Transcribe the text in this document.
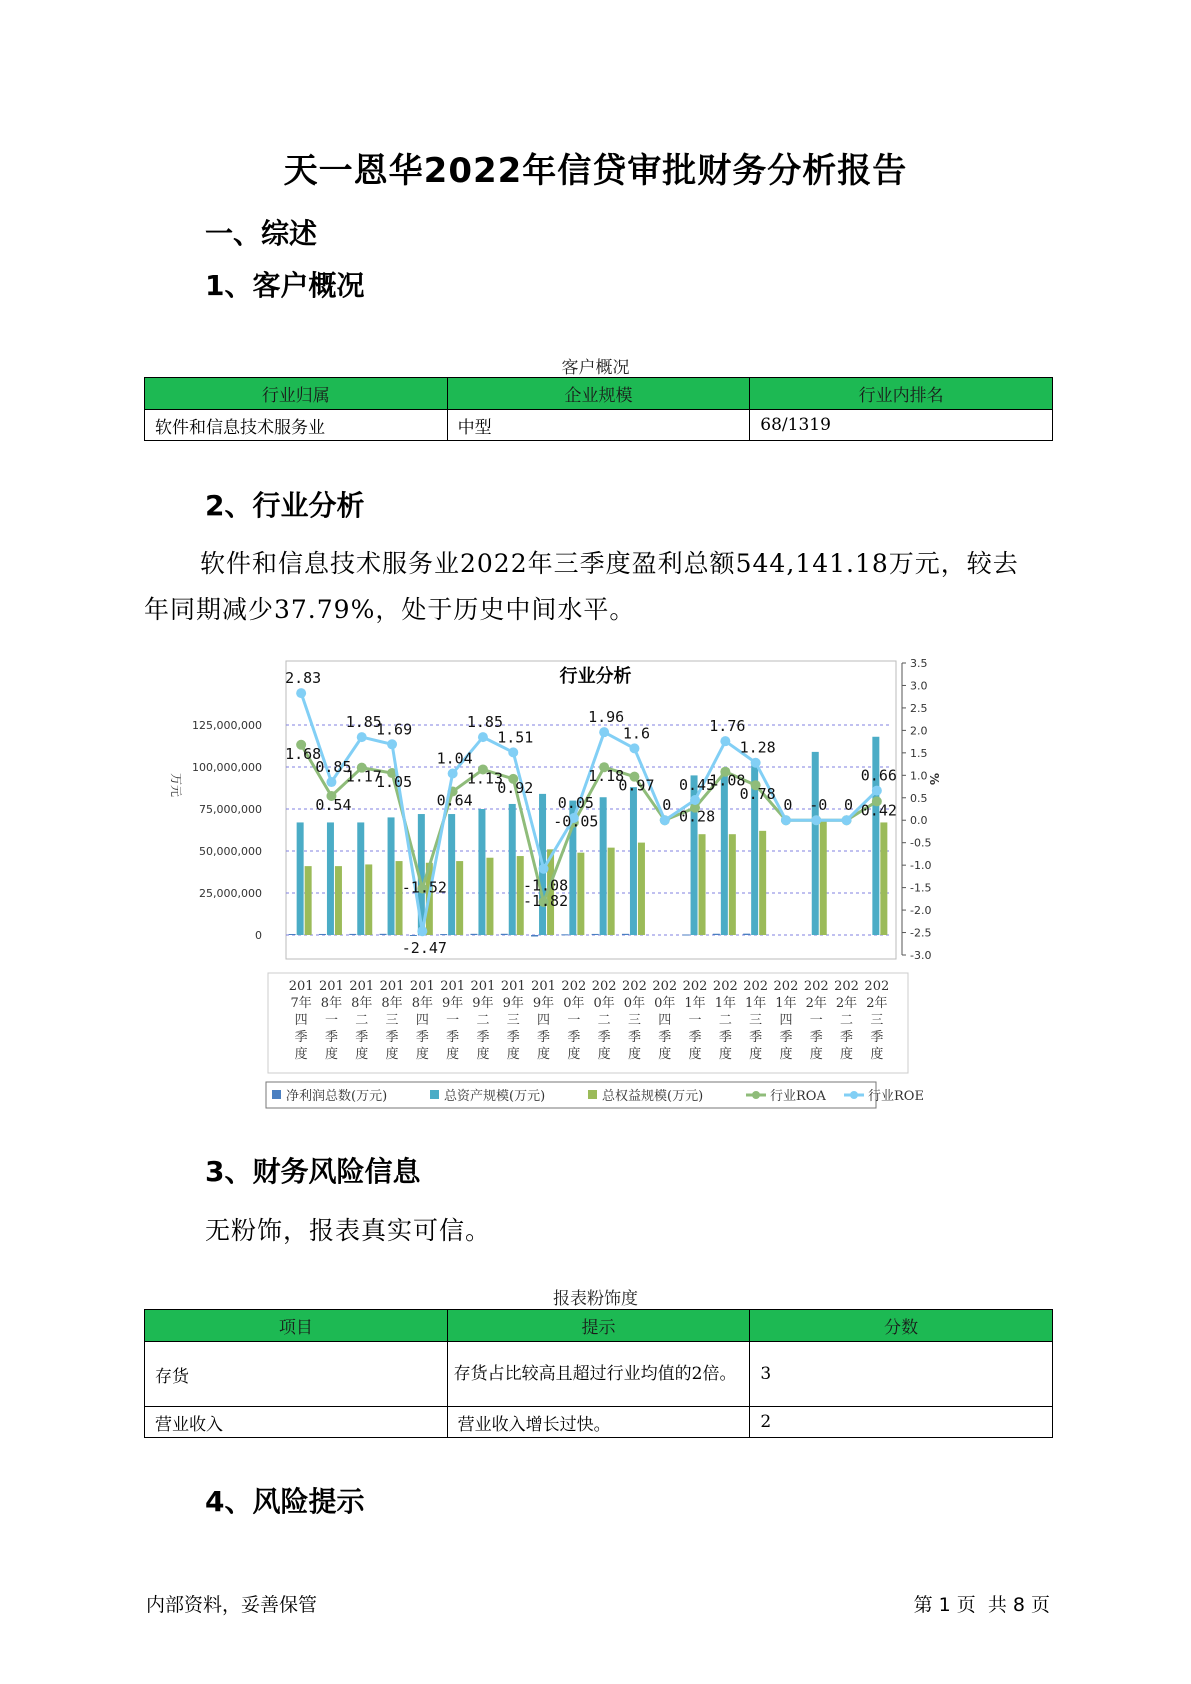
天一恩华2022年信贷审批财务分析报告
一、综述
1、客户概况
客户概况
行业归属	企业规模	行业内排名
软件和信息技术服务业	中型	68/1319
2、行业分析
软件和信息技术服务业2022年三季度盈利总额544,141.18万元，较去年同期减少37.79%，处于历史中间水平。
行业分析
0
25,000,000
50,000,000
75,000,000
100,000,000
125,000,000
-3.0
-2.5
-2.0
-1.5
-1.0
-0.5
0.0
0.5
1.0
1.5
2.0
2.5
3.0
3.5
万元	%
1.68
0.54
1.17
1.05
-1.52
0.64
1.13
0.92
-1.82
-0.05
1.18
0.97
0.28
1.08
0.78
0.42
2.83
0.85
1.85
1.69
-2.47
1.04
1.85
1.51
-1.08
0.05
1.96
1.6
0
0.45
1.76
1.28
0 -0 0
0.66
201 7年四季度
201 8年一季度
201 8年二季度
201 8年三季度
201 8年四季度
201 9年一季度
201 9年二季度
201 9年三季度
201 9年四季度
202 0年一季度
202 0年二季度
202 0年三季度
202 0年四季度
202 1年一季度
202 1年二季度
202 1年三季度
202 1年四季度
202 2年一季度
202 2年二季度
202 2年三季度
净利润总数(万元)	总资产规模(万元)	总权益规模(万元)	行业ROA	行业ROE
3、财务风险信息
无粉饰，报表真实可信。
报表粉饰度
项目	提示	分数
存货	存货占比较高且超过行业均值的2倍。	3
营业收入	营业收入增长过快。	2
4、风险提示
内部资料，妥善保管	第 1 页  共 8 页
